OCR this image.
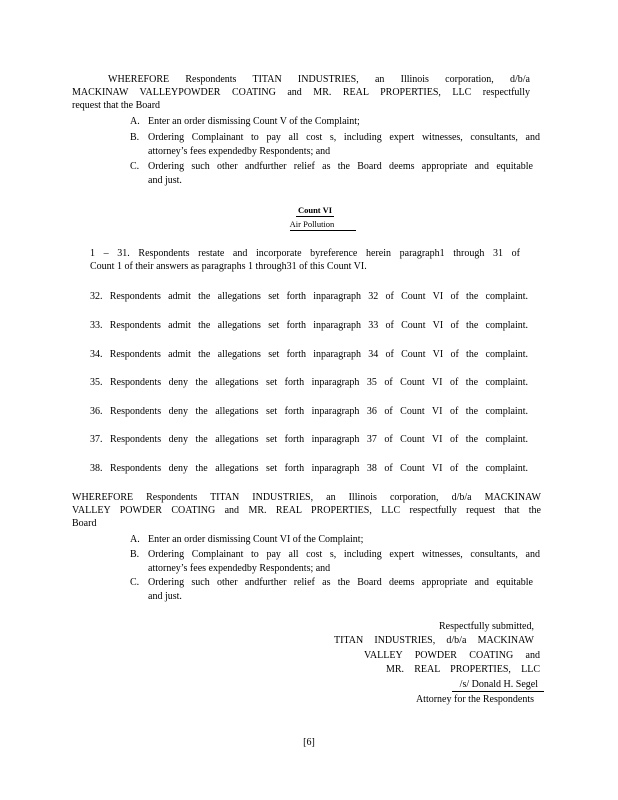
WHEREFORE Respondents TITAN INDUSTRIES, an Illinois corporation, d/b/a
MACKINAW VALLEYPOWDER COATING and MR. REAL PROPERTIES, LLC respectfully
request that the Board
A. Enter an order dismissing Count V of the Complaint;
B. Ordering Complainant to pay all cost s, including expert witnesses, consultants, and
attorney’s fees expendedby Respondents; and
C. Ordering such other andfurther relief as the Board deems appropriate and equitable
and just.
Count VI
Air Pollution
1 – 31. Respondents restate and incorporate byreference herein paragraph1 through 31 of
Count 1 of their answers as paragraphs 1 through31 of this Count VI.
32. Respondents admit the allegations set forth inparagraph 32 of Count VI of the complaint.
33. Respondents admit the allegations set forth inparagraph 33 of Count VI of the complaint.
34. Respondents admit the allegations set forth inparagraph 34 of Count VI of the complaint.
35. Respondents deny the allegations set forth inparagraph 35 of Count VI of the complaint.
36. Respondents deny the allegations set forth inparagraph 36 of Count VI of the complaint.
37. Respondents deny the allegations set forth inparagraph 37 of Count VI of the complaint.
38. Respondents deny the allegations set forth inparagraph 38 of Count VI of the complaint.
WHEREFORE Respondents TITAN INDUSTRIES, an Illinois corporation, d/b/a MACKINAW
VALLEY POWDER COATING and MR. REAL PROPERTIES, LLC respectfully request that the
Board
A. Enter an order dismissing Count VI of the Complaint;
B. Ordering Complainant to pay all cost s, including expert witnesses, consultants, and
attorney’s fees expendedby Respondents; and
C. Ordering such other andfurther relief as the Board deems appropriate and equitable
and just.
Respectfully submitted,
TITAN INDUSTRIES, d/b/a MACKINAW
VALLEY POWDER COATING and
MR. REAL PROPERTIES, LLC
/s/ Donald H. Segel
Attorney for the Respondents
[6]
